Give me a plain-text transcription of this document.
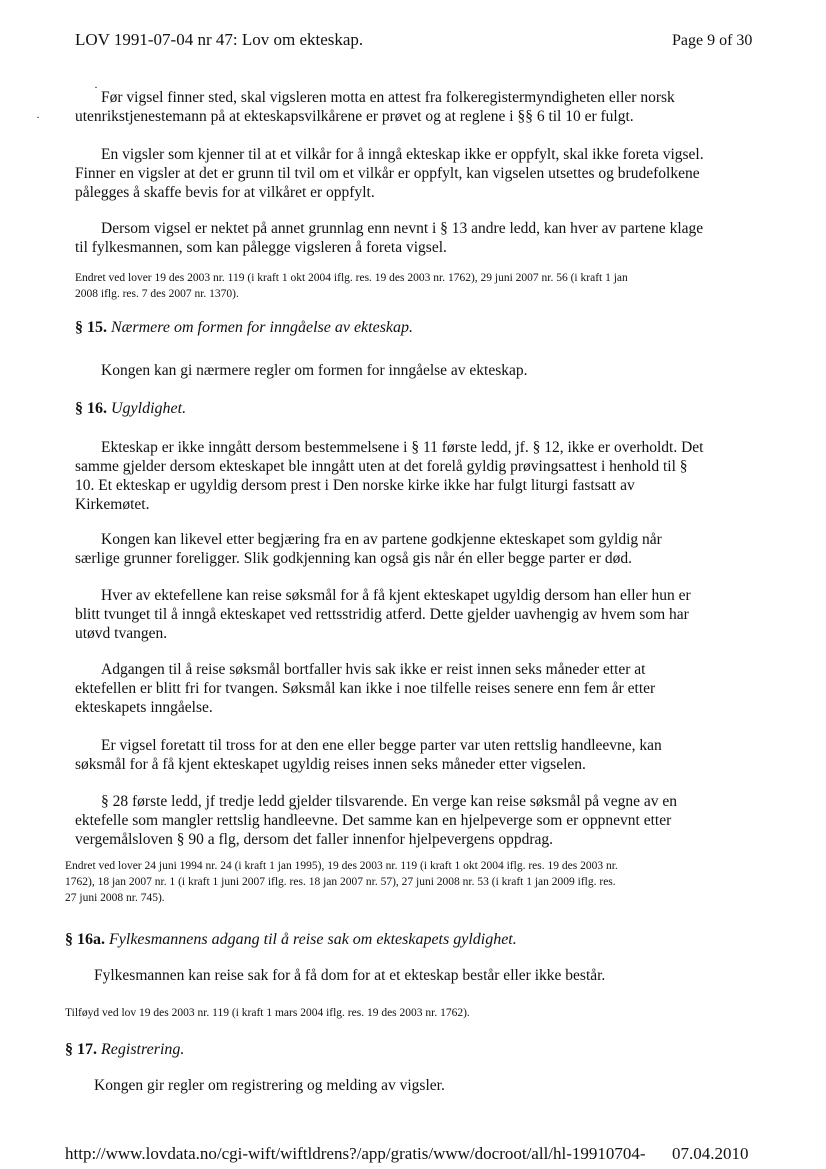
LOV 1991-07-04 nr 47: Lov om ekteskap.	Page 9 of 30
·
·
Før vigsel finner sted, skal vigsleren motta en attest fra folkeregistermyndigheten eller norsk
utenrikstjenestemann på at ekteskapsvilkårene er prøvet og at reglene i §§ 6 til 10 er fulgt.
En vigsler som kjenner til at et vilkår for å inngå ekteskap ikke er oppfylt, skal ikke foreta vigsel.
Finner en vigsler at det er grunn til tvil om et vilkår er oppfylt, kan vigselen utsettes og brudefolkene
pålegges å skaffe bevis for at vilkåret er oppfylt.
Dersom vigsel er nektet på annet grunnlag enn nevnt i § 13 andre ledd, kan hver av partene klage
til fylkesmannen, som kan pålegge vigsleren å foreta vigsel.
Endret ved lover 19 des 2003 nr. 119 (i kraft 1 okt 2004 iflg. res. 19 des 2003 nr. 1762), 29 juni 2007 nr. 56 (i kraft 1 jan
2008 iflg. res. 7 des 2007 nr. 1370).
§ 15. Nærmere om formen for inngåelse av ekteskap.
Kongen kan gi nærmere regler om formen for inngåelse av ekteskap.
§ 16. Ugyldighet.
Ekteskap er ikke inngått dersom bestemmelsene i § 11 første ledd, jf. § 12, ikke er overholdt. Det
samme gjelder dersom ekteskapet ble inngått uten at det forelå gyldig prøvingsattest i henhold til §
10. Et ekteskap er ugyldig dersom prest i Den norske kirke ikke har fulgt liturgi fastsatt av
Kirkemøtet.
Kongen kan likevel etter begjæring fra en av partene godkjenne ekteskapet som gyldig når
særlige grunner foreligger. Slik godkjenning kan også gis når én eller begge parter er død.
Hver av ektefellene kan reise søksmål for å få kjent ekteskapet ugyldig dersom han eller hun er
blitt tvunget til å inngå ekteskapet ved rettsstridig atferd. Dette gjelder uavhengig av hvem som har
utøvd tvangen.
Adgangen til å reise søksmål bortfaller hvis sak ikke er reist innen seks måneder etter at
ektefellen er blitt fri for tvangen. Søksmål kan ikke i noe tilfelle reises senere enn fem år etter
ekteskapets inngåelse.
Er vigsel foretatt til tross for at den ene eller begge parter var uten rettslig handleevne, kan
søksmål for å få kjent ekteskapet ugyldig reises innen seks måneder etter vigselen.
§ 28 første ledd, jf tredje ledd gjelder tilsvarende. En verge kan reise søksmål på vegne av en
ektefelle som mangler rettslig handleevne. Det samme kan en hjelpeverge som er oppnevnt etter
vergemålsloven § 90 a flg, dersom det faller innenfor hjelpevergens oppdrag.
Endret ved lover 24 juni 1994 nr. 24 (i kraft 1 jan 1995), 19 des 2003 nr. 119 (i kraft 1 okt 2004 iflg. res. 19 des 2003 nr.
1762), 18 jan 2007 nr. 1 (i kraft 1 juni 2007 iflg. res. 18 jan 2007 nr. 57), 27 juni 2008 nr. 53 (i kraft 1 jan 2009 iflg. res.
27 juni 2008 nr. 745).
§ 16a. Fylkesmannens adgang til å reise sak om ekteskapets gyldighet.
Fylkesmannen kan reise sak for å få dom for at et ekteskap består eller ikke består.
Tilføyd ved lov 19 des 2003 nr. 119 (i kraft 1 mars 2004 iflg. res. 19 des 2003 nr. 1762).
§ 17. Registrering.
Kongen gir regler om registrering og melding av vigsler.
http://www.lovdata.no/cgi-wift/wiftldrens?/app/gratis/www/docroot/all/hl-19910704- 07.04.2010
